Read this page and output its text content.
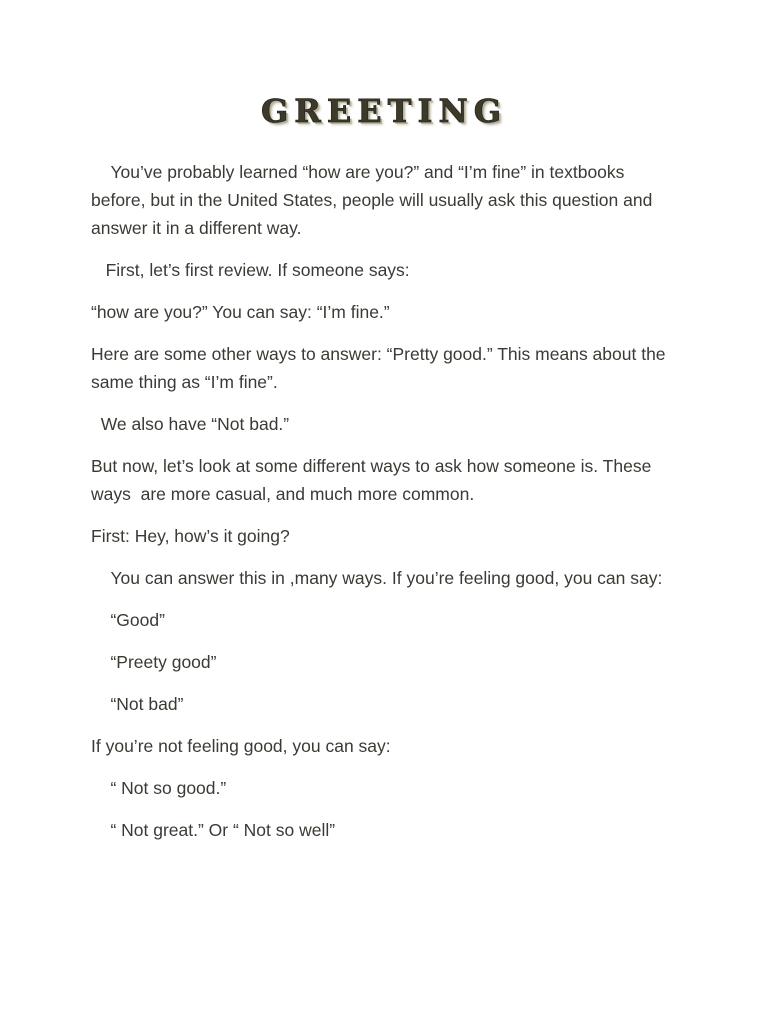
GREETING

You’ve probably learned “how are you?” and “I’m fine” in textbooks before, but in the United States, people will usually ask this question and answer it in a different way.

First, let’s first review. If someone says:

“how are you?” You can say: “I’m fine.”

Here are some other ways to answer: “Pretty good.” This means about the same thing as “I’m fine”.

We also have “Not bad.”

But now, let’s look at some different ways to ask how someone is. These ways  are more casual, and much more common.

First: Hey, how’s it going?

You can answer this in ,many ways. If you’re feeling good, you can say:

“Good”

“Preety good”

“Not bad”

If you’re not feeling good, you can say:

“ Not so good.”

“ Not great.” Or “ Not so well”
